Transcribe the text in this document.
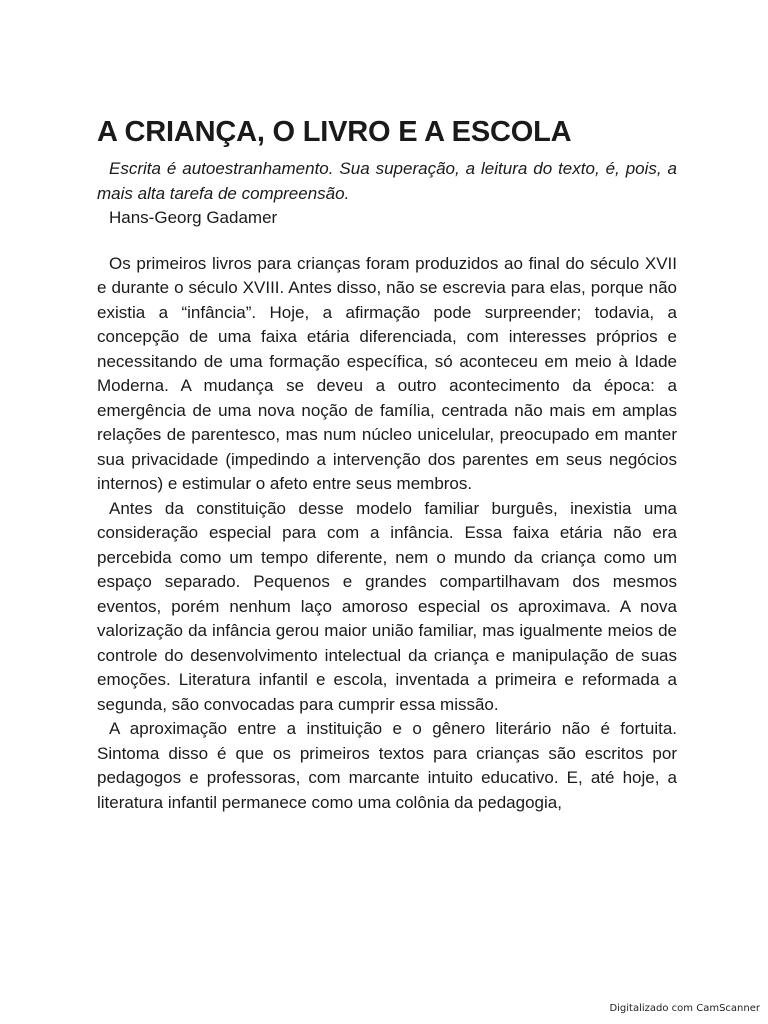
A CRIANÇA, O LIVRO E A ESCOLA

Escrita é autoestranhamento. Sua superação, a leitura do texto, é, pois, a mais alta tarefa de compreensão.

Hans-Georg Gadamer

Os primeiros livros para crianças foram produzidos ao final do século XVII e durante o século XVIII. Antes disso, não se escrevia para elas, porque não existia a “infância”. Hoje, a afirmação pode surpreender; todavia, a concepção de uma faixa etária diferenciada, com interesses próprios e necessitando de uma formação específica, só aconteceu em meio à Idade Moderna. A mudança se deveu a outro acontecimento da época: a emergência de uma nova noção de família, centrada não mais em amplas relações de parentesco, mas num núcleo unicelular, preocupado em manter sua privacidade (impedindo a intervenção dos parentes em seus negócios internos) e estimular o afeto entre seus membros.

Antes da constituição desse modelo familiar burguês, inexistia uma consideração especial para com a infância. Essa faixa etária não era percebida como um tempo diferente, nem o mundo da criança como um espaço separado. Pequenos e grandes compartilhavam dos mesmos eventos, porém nenhum laço amoroso especial os aproximava. A nova valorização da infância gerou maior união familiar, mas igualmente meios de controle do desenvolvimento intelectual da criança e manipulação de suas emoções. Literatura infantil e escola, inventada a primeira e reformada a segunda, são convocadas para cumprir essa missão.

A aproximação entre a instituição e o gênero literário não é fortuita. Sintoma disso é que os primeiros textos para crianças são escritos por pedagogos e professoras, com marcante intuito educativo. E, até hoje, a literatura infantil permanece como uma colônia da pedagogia,

Digitalizado com CamScanner
